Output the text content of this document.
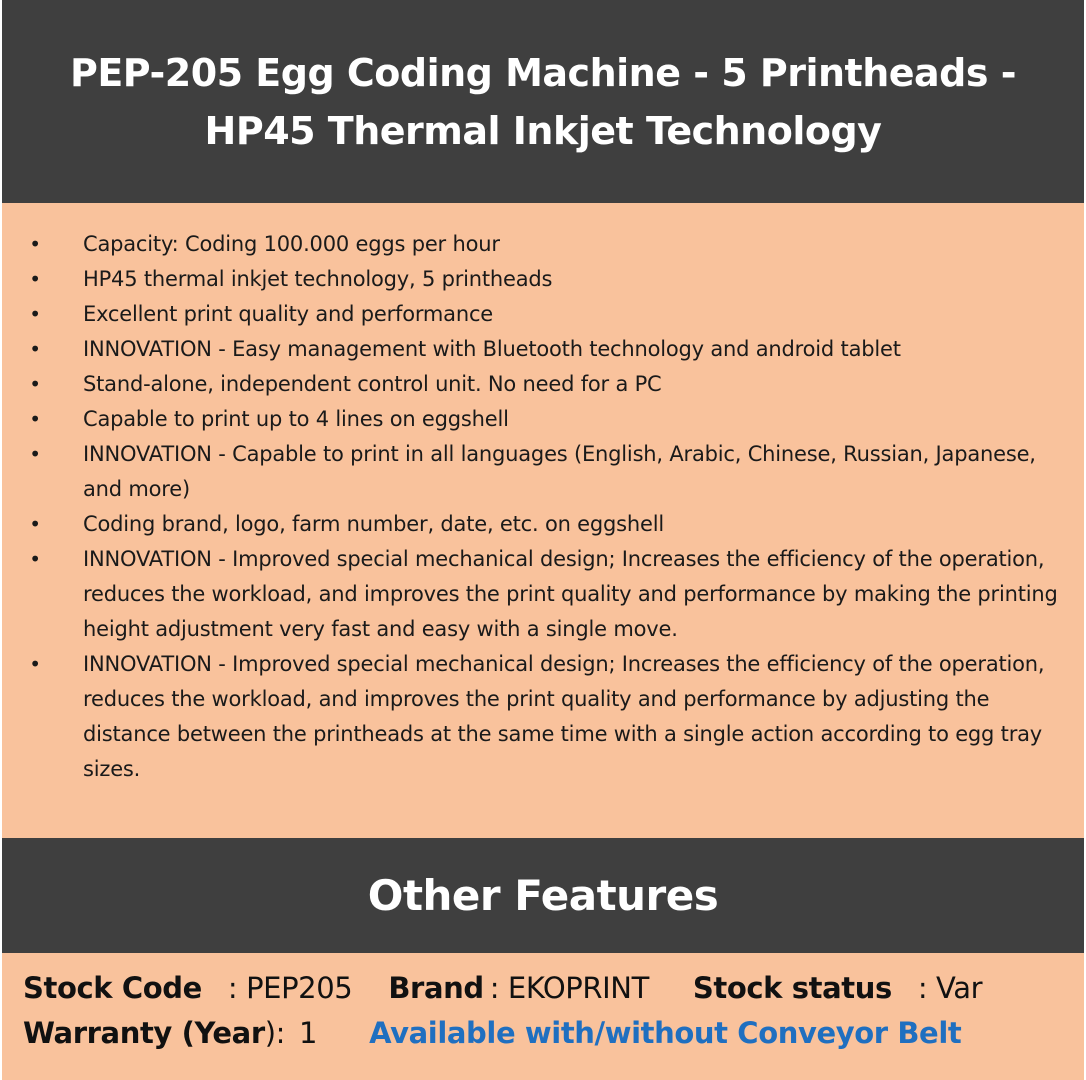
PEP-205 Egg Coding Machine - 5 Printheads -
HP45 Thermal Inkjet Technology
• Capacity: Coding 100.000 eggs per hour
• HP45 thermal inkjet technology, 5 printheads
• Excellent print quality and performance
• INNOVATION - Easy management with Bluetooth technology and android tablet
• Stand-alone, independent control unit. No need for a PC
• Capable to print up to 4 lines on eggshell
• INNOVATION - Capable to print in all languages (English, Arabic, Chinese, Russian, Japanese, and more)
• Coding brand, logo, farm number, date, etc. on eggshell
• INNOVATION - Improved special mechanical design; Increases the efficiency of the operation, reduces the workload, and improves the print quality and performance by making the printing height adjustment very fast and easy with a single move.
• INNOVATION - Improved special mechanical design; Increases the efficiency of the operation, reduces the workload, and improves the print quality and performance by adjusting the distance between the printheads at the same time with a single action according to egg tray sizes.
Other Features
Stock Code : PEP205 Brand : EKOPRINT Stock status : Var
Warranty (Year): 1 Available with/without Conveyor Belt
